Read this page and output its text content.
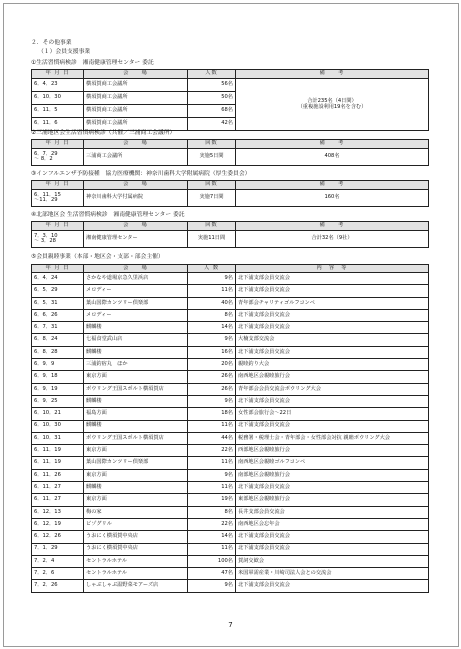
２．その他事業
（１）会員支援事業
①生活習慣病検診　湘南健康管理センター 委託
年 月 日	会　　場	人数	備　　考
6．4．23	横須賀商工会議所	56名	合計235名（4日間）
（重複施設利用19名を含む）
6．10．30	横須賀商工会議所	50名	
6．11．5	横須賀商工会議所	68名	
6．11．6	横須賀商工会議所	42名	
②三浦地区会生活習慣病検診（共催／三浦商工会議所）
年 月 日	会　　場	回数	備　　考
6．7．29
～ 8．2	三浦商工会議所	実施5日間	408名
③インフルエンザ予防接種　協力医療機関：神奈川歯科大学附属病院（厚生委員会）
年 月 日	会　　場	回数	備　　考
6．11．15
～11．29	神奈川歯科大学付属病院	実施7日間	160名
④北部地区会 生活習慣病検診　湘南健康管理センター 委託
年 月 日	会　　場	回数	備　　考
7．3．10
～ 3．28	湘南健康管理センター	実施11日間	合計32名（9社）
⑤会員親睦事業（本部・地区会・支部・部会主催）
年 月 日	会　　場	人 数	内　容　等
6．4．24	さかなや道場京急久里浜店	9名	北下浦支部会員交流会
6．5．29	メロディー	11名	北下浦支部会員交流会
6．5．31	葉山国際カンツリー倶楽部	40名	青年部会チャリティゴルフコンペ
6．6．26	メロディー	8名	北下浦支部会員交流会
6．7．31	麒麟楼	14名	北下浦支部会員交流会
6．8．24	七福食堂武山店	9名	大楠支部交流会
6．8．28	麒麟楼	16名	北下浦支部会員交流会
6．9．9	三浦釣宿丸　ほか	20名	親睦釣り大会
6．9．18	東京方面	26名	南西地区会親睦旅行会
6．9．19	ボウリング王国スポルト横須賀店	26名	青年部会会員交流会ボウリング大会
6．9．25	麒麟楼	9名	北下浦支部会員交流会
6．10．21	福島方面	18名	女性部会旅行会～22日
6．10．30	麒麟楼	11名	北下浦支部会員交流会
6．10．31	ボウリング王国スポルト横須賀店	44名	税務署・税理士会・青年部会・女性部会対抗 親睦ボウリング大会
6．11．19	東京方面	22名	西部地区会親睦旅行会
6．11．19	葉山国際カンツリー倶楽部	11名	南西地区会親睦ゴルフコンペ
6．11．26	東京方面	9名	南部地区会親睦旅行会
6．11．27	麒麟楼	11名	北下浦支部会員交流会
6．11．27	東京方面	19名	東部地区会親睦旅行会
6．12．13	梅の家	8名	長井支部会員交流会
6．12．19	ビゾグリル	22名	南西地区会忘年会
6．12．26	うおにく横須賀中央店	14名	北下浦支部会員交流会
7．1．29	うおにく横須賀中央店	11名	北下浦支部会員交流会
7．2．4	セントラルホテル	100名	賀詞交歓会
7．2．6	セントラルホテル	47名	米国軍需産業・川崎司法人会との交流会
7．2．26	しゃぶしゃぶ温野菜モアーズ店	9名	北下浦支部会員交流会
7
